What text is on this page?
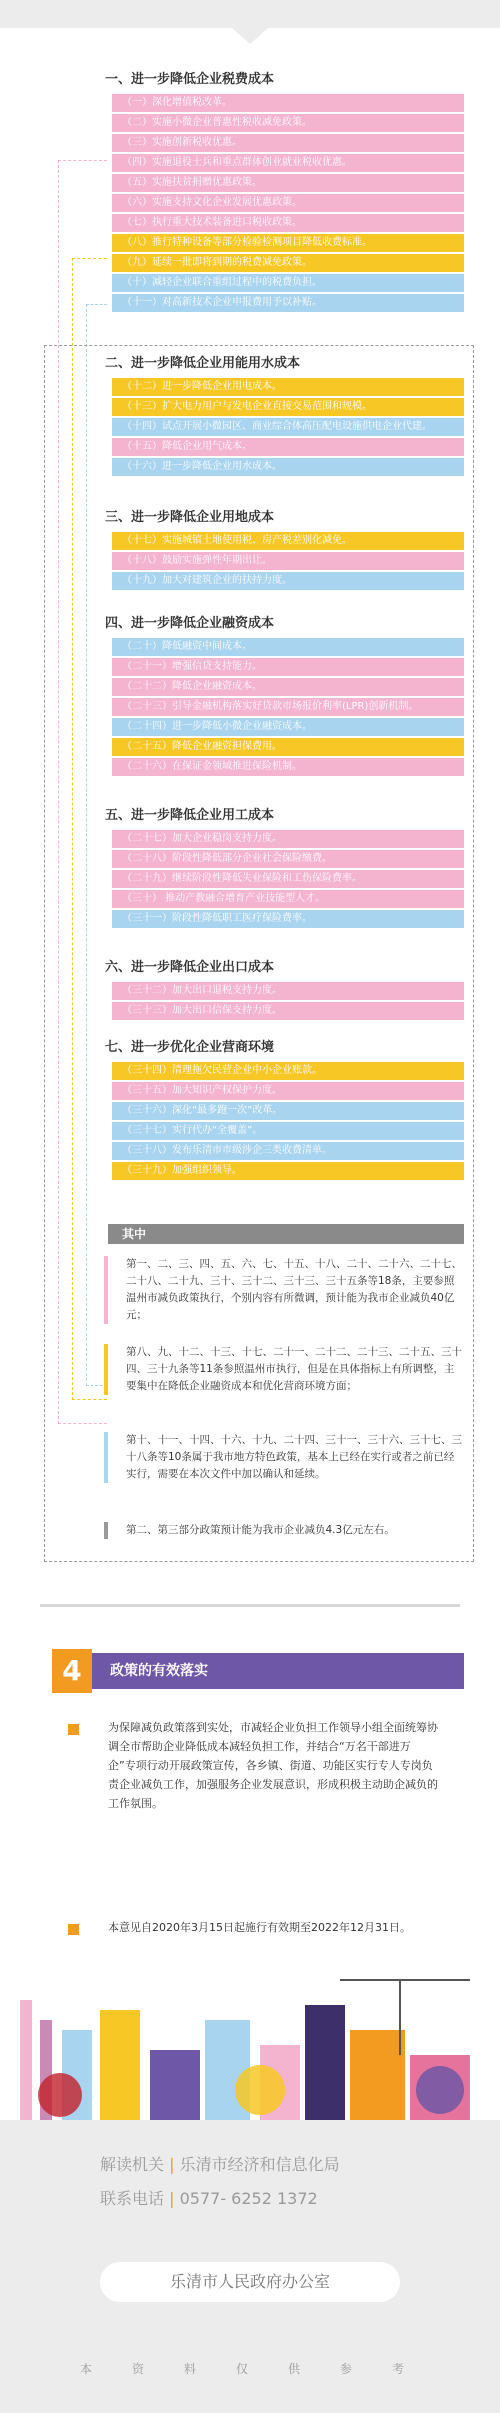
一、进一步降低企业税费成本
（一）深化增值税改革。
（二）实施小微企业普惠性税收减免政策。
（三）实施创新税收优惠。
（四）实施退役士兵和重点群体创业就业税收优惠。
（五）实施扶贫捐赠优惠政策。
（六）实施支持文化企业发展优惠政策。
（七）执行重大技术装备进口税收政策。
（八）推行特种设备等部分检验检测项目降低收费标准。
（九）延续一批即将到期的税费减免政策。
（十）减轻企业联合重组过程中的税费负担。
（十一）对高新技术企业申报费用予以补贴。
二、进一步降低企业用能用水成本
（十二）进一步降低企业用电成本。
（十三）扩大电力用户与发电企业直接交易范围和规模。
（十四）试点开展小微园区、商业综合体高压配电设施供电企业代建。
（十五）降低企业用气成本。
（十六）进一步降低企业用水成本。
三、进一步降低企业用地成本
（十七）实施城镇土地使用税、房产税差别化减免。
（十八）鼓励实施弹性年期出让。
（十九）加大对建筑企业的扶持力度。
四、进一步降低企业融资成本
（二十）降低融资中间成本。
（二十一）增强信贷支持能力。
（二十二）降低企业融资成本。
（二十三）引导金融机构落实好贷款市场报价利率(LPR)创新机制。
（二十四）进一步降低小微企业融资成本。
（二十五）降低企业融资担保费用。
（二十六）在保证金领域推进保险机制。
五、进一步降低企业用工成本
（二十七）加大企业稳岗支持力度。
（二十八）阶段性降低部分企业社会保险缴费。
（二十九）继续阶段性降低失业保险和工伤保险费率。
（三十） 推动产教融合增育产业技能型人才。
（三十一）阶段性降低职工医疗保险费率。
六、进一步降低企业出口成本
（三十二）加大出口退税支持力度。
（三十三）加大出口信保支持力度。
七、进一步优化企业营商环境
（三十四）清理拖欠民营企业中小企业账款。
（三十五）加大知识产权保护力度。
（三十六）深化“最多跑一次”改革。
（三十七）实行代办“全覆盖”。
（三十八）发布乐清市市级涉企三类收费清单。
（三十九）加强组织领导。
其中

第一、二、三、四、五、六、七、十五、十八、二十、二十六、二十七、二十八、二十九、三十、三十二、三十三、三十五条等18条，主要参照温州市减负政策执行，个别内容有所微调，预计能为我市企业减负40亿元；

第八、九、十二、十三、十七、二十一、二十二、二十三、二十五、三十四、三十九条等11条参照温州市执行，但是在具体指标上有所调整，主要集中在降低企业融资成本和优化营商环境方面；

第十、十一、十四、十六、十九、二十四、三十一、三十六、三十七、三十八条等10条属于我市地方特色政策，基本上已经在实行或者之前已经实行，需要在本次文件中加以确认和延续。

第二、第三部分政策预计能为我市企业减负4.3亿元左右。

4	政策的有效落实
为保障减负政策落到实处，市减轻企业负担工作领导小组全面统筹协调全市帮助企业降低成本减轻负担工作，并结合“万名干部进万企”专项行动开展政策宣传，各乡镇、街道、功能区实行专人专岗负责企业减负工作，加强服务企业发展意识，形成积极主动助企减负的工作氛围。
本意见自2020年3月15日起施行有效期至2022年12月31日。
解读机关 | 乐清市经济和信息化局
联系电话 | 0577- 6252 1372
乐清市人民政府办公室
本资料仅供参考
